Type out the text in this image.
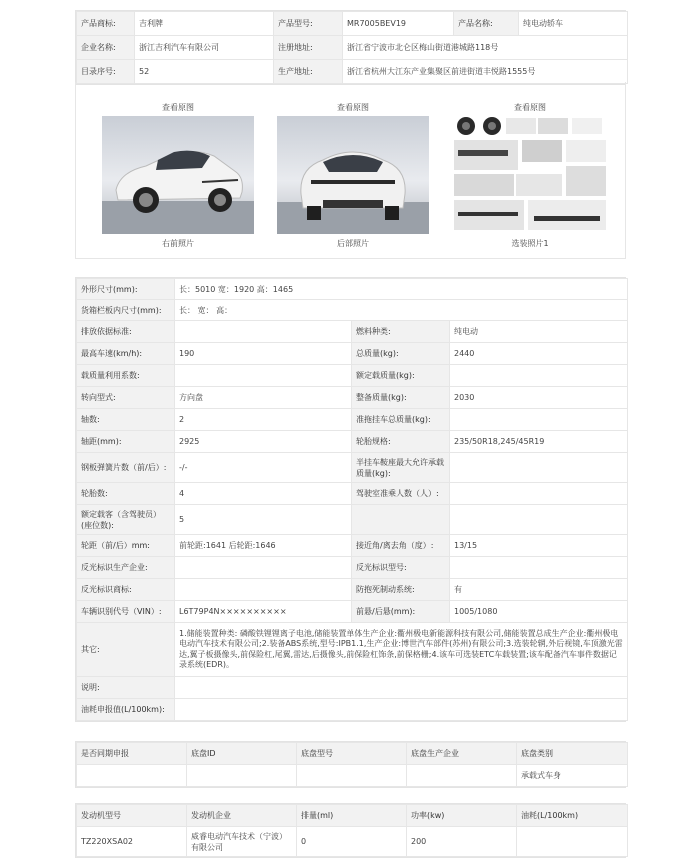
产品商标:	吉利牌	产品型号:	MR7005BEV19	产品名称:	纯电动轿车
企业名称:	浙江吉利汽车有限公司	注册地址:	浙江省宁波市北仑区梅山街道港城路118号		
目录序号:	52	生产地址:	浙江省杭州大江东产业集聚区前进街道丰悦路1555号		
查看原图
右前照片
查看原图
后部照片
查看原图
选装照片1
外形尺寸(mm):	长：5010 宽：1920 高：1465		
货箱栏板内尺寸(mm):	长： 宽： 高：		
排放依据标准:		燃料种类:	纯电动
最高车速(km/h):	190	总质量(kg):	2440
载质量利用系数:		额定载质量(kg):	
转向型式:	方向盘	整备质量(kg):	2030
轴数:	2	准拖挂车总质量(kg):	
轴距(mm):	2925	轮胎规格:	235/50R18,245/45R19
钢板弹簧片数（前/后）:	-/-	半挂车鞍座最大允许承载质量(kg):	
轮胎数:	4	驾驶室准乘人数（人）:	
额定载客（含驾驶员）(座位数):	5		
轮距（前/后）mm:	前轮距:1641 后轮距:1646	接近角/离去角（度）:	13/15
反光标识生产企业:		反光标识型号:	
反光标识商标:		防抱死制动系统:	有
车辆识别代号（VIN）:	L6T79P4N××××××××××	前悬/后悬(mm):	1005/1080
其它:	1.储能装置种类: 磷酸铁锂锂离子电池,储能装置单体生产企业:衢州极电新能源科技有限公司,储能装置总成生产企业:衢州极电电动汽车技术有限公司;2.装备ABS系统,型号:IPB1.1,生产企业:博世汽车部件(苏州)有限公司;3.选装轮辋,外后视镜,车顶激光雷达,翼子板摄像头,前保险杠,尾翼,雷达,后摄像头,前保险杠饰条,前保格栅;4.该车可选装ETC车载装置;该车配备汽车事件数据记录系统(EDR)。		
说明:			
油耗申报值(L/100km):			
是否同期申报	底盘ID	底盘型号	底盘生产企业	底盘类别
				承载式车身
发动机型号	发动机企业	排量(ml)	功率(kw)	油耗(L/100km)
TZ220XSA02	威睿电动汽车技术（宁波）有限公司	0	200	
